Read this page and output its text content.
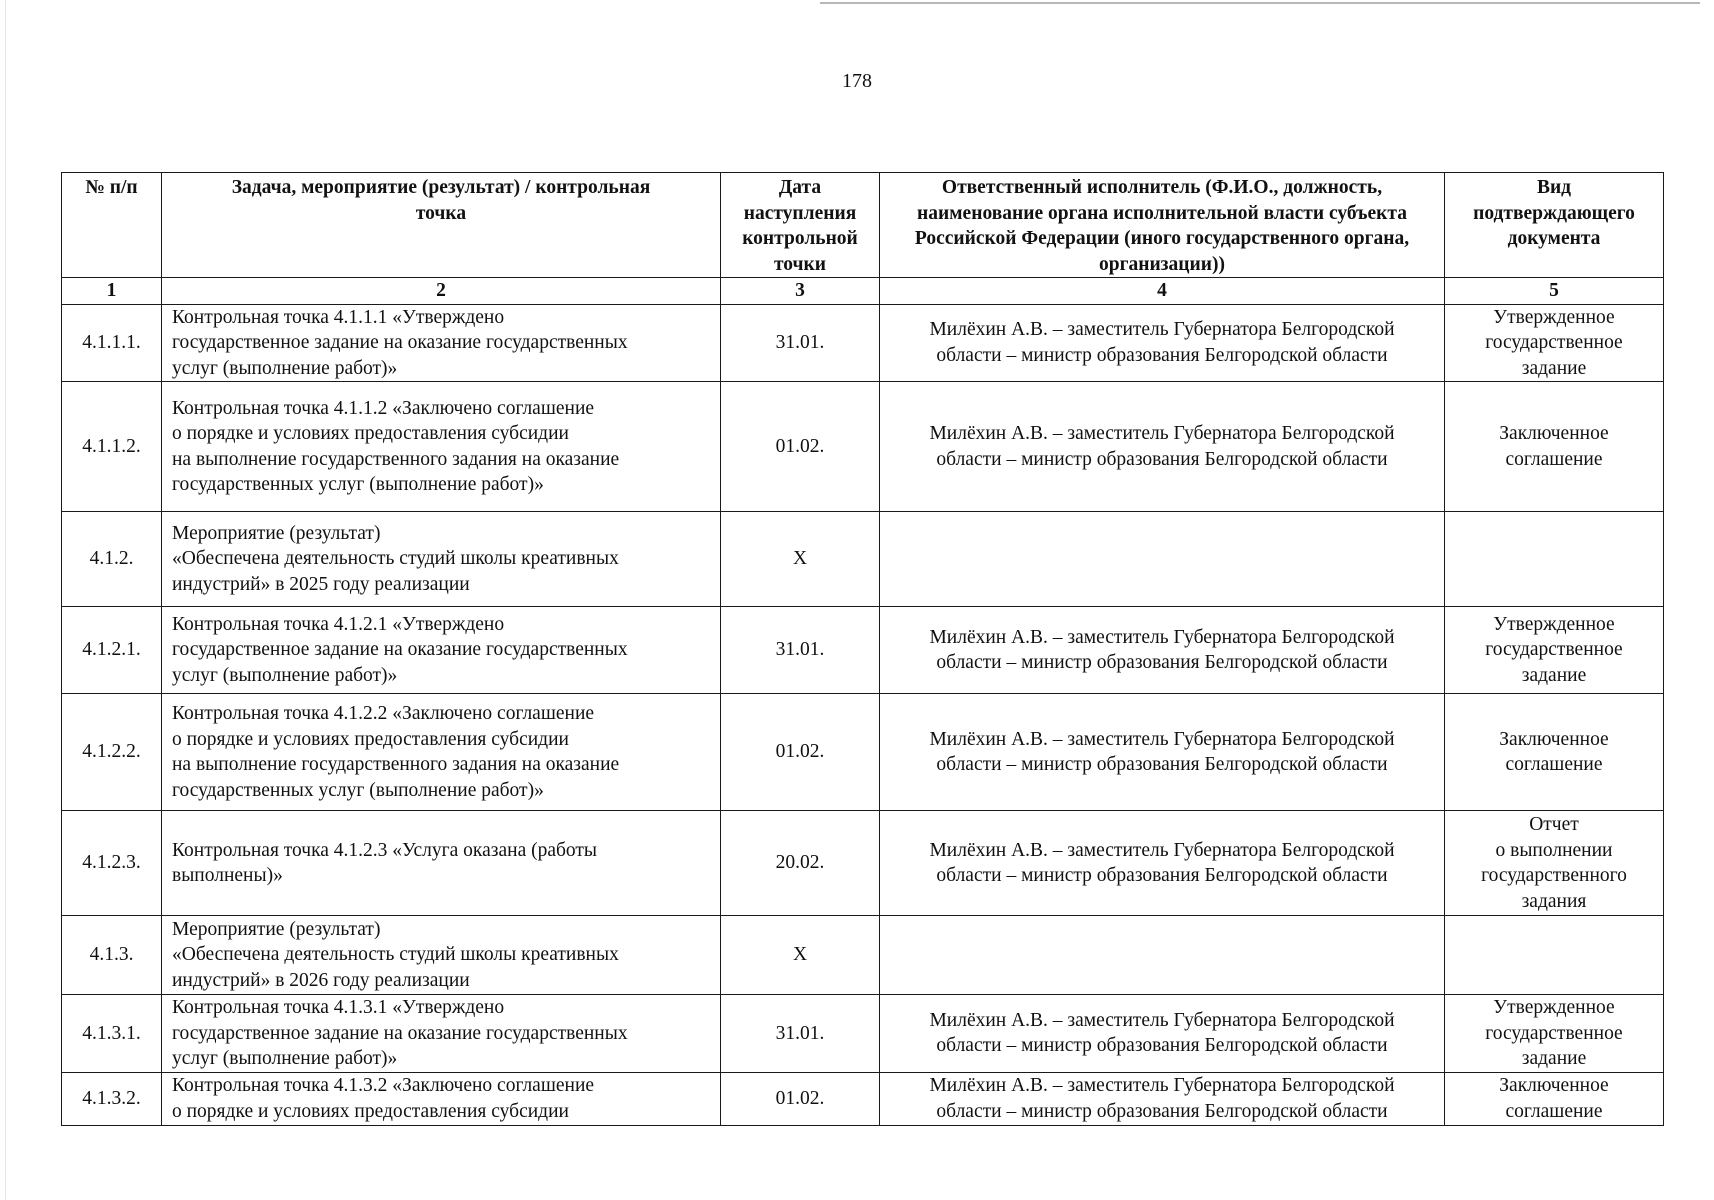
178
№ п/п	Задача, мероприятие (результат) / контрольная точка	Дата наступления контрольной точки	Ответственный исполнитель (Ф.И.О., должность, наименование органа исполнительной власти субъекта Российской Федерации (иного государственного органа, организации))	Вид подтверждающего документа
1	2	3	4	5
4.1.1.1.	Контрольная точка 4.1.1.1 «Утверждено
государственное задание на оказание государственных
услуг (выполнение работ)»	31.01.	Милёхин А.В. – заместитель Губернатора Белгородской
области – министр образования Белгородской области	Утвержденное
государственное
задание

4.1.1.2.	Контрольная точка 4.1.1.2 «Заключено соглашение
о порядке и условиях предоставления субсидии
на выполнение государственного задания на оказание
государственных услуг (выполнение работ)»	01.02.	Милёхин А.В. – заместитель Губернатора Белгородской
области – министр образования Белгородской области	Заключенное
соглашение

4.1.2.	Мероприятие (результат)
«Обеспечена деятельность студий школы креативных
индустрий» в 2025 году реализации	Х		
4.1.2.1.	Контрольная точка 4.1.2.1 «Утверждено
государственное задание на оказание государственных
услуг (выполнение работ)»	31.01.	Милёхин А.В. – заместитель Губернатора Белгородской
области – министр образования Белгородской области	Утвержденное
государственное
задание

4.1.2.2.	Контрольная точка 4.1.2.2 «Заключено соглашение
о порядке и условиях предоставления субсидии
на выполнение государственного задания на оказание
государственных услуг (выполнение работ)»	01.02.	Милёхин А.В. – заместитель Губернатора Белгородской
области – министр образования Белгородской области	Заключенное
соглашение

4.1.2.3.	Контрольная точка 4.1.2.3 «Услуга оказана (работы
выполнены)»	20.02.	Милёхин А.В. – заместитель Губернатора Белгородской
области – министр образования Белгородской области	Отчет
о выполнении
государственного
задания

4.1.3.	Мероприятие (результат)
«Обеспечена деятельность студий школы креативных
индустрий» в 2026 году реализации	Х		
4.1.3.1.	Контрольная точка 4.1.3.1 «Утверждено
государственное задание на оказание государственных
услуг (выполнение работ)»	31.01.	Милёхин А.В. – заместитель Губернатора Белгородской
области – министр образования Белгородской области	Утвержденное
государственное
задание

4.1.3.2.	Контрольная точка 4.1.3.2 «Заключено соглашение
о порядке и условиях предоставления субсидии	01.02.	Милёхин А.В. – заместитель Губернатора Белгородской
области – министр образования Белгородской области	Заключенное
соглашение
